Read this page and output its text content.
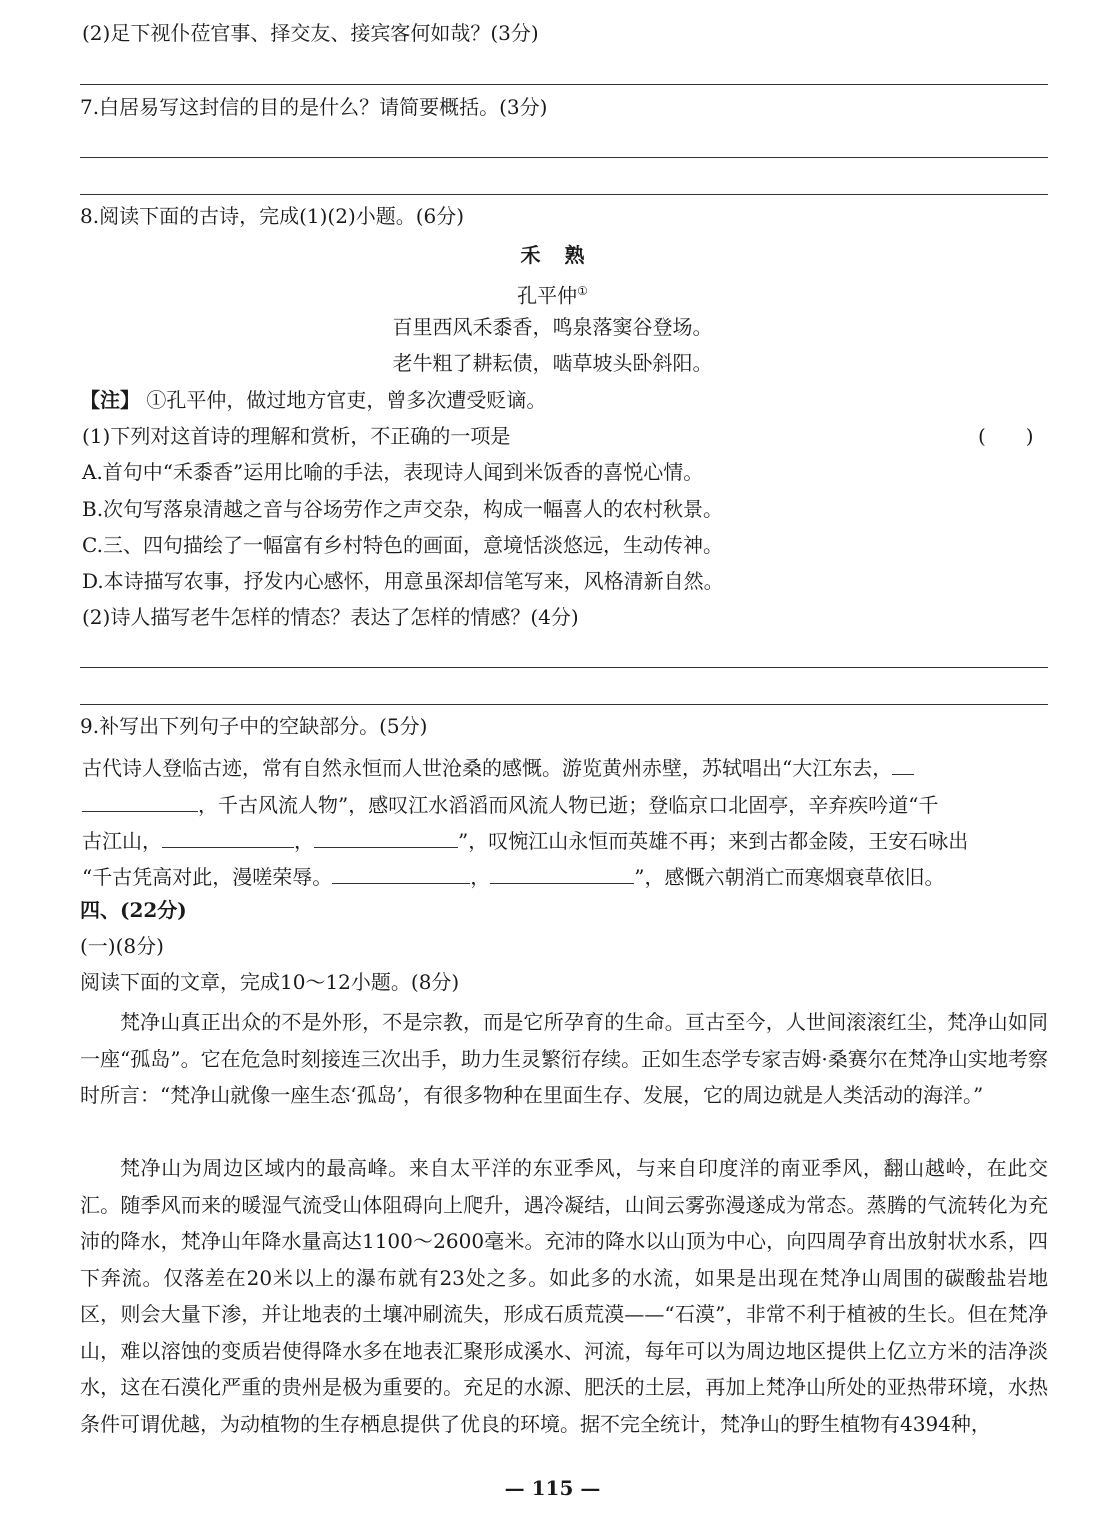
(2)足下视仆莅官事、择交友、接宾客何如哉？(3分)
7.白居易写这封信的目的是什么？请简要概括。(3分)
8.阅读下面的古诗，完成(1)(2)小题。(6分)
禾熟
孔平仲①
百里西风禾黍香，鸣泉落窦谷登场。
老牛粗了耕耘债，啮草坡头卧斜阳。
【注】 ①孔平仲，做过地方官吏，曾多次遭受贬谪。
(1)下列对这首诗的理解和赏析，不正确的一项是	(　　)
A.首句中“禾黍香”运用比喻的手法，表现诗人闻到米饭香的喜悦心情。
B.次句写落泉清越之音与谷场劳作之声交杂，构成一幅喜人的农村秋景。
C.三、四句描绘了一幅富有乡村特色的画面，意境恬淡悠远，生动传神。
D.本诗描写农事，抒发内心感怀，用意虽深却信笔写来，风格清新自然。
(2)诗人描写老牛怎样的情态？表达了怎样的情感？(4分)
9.补写出下列句子中的空缺部分。(5分)
古代诗人登临古迹，常有自然永恒而人世沧桑的感慨。游览黄州赤壁，苏轼唱出“大江东去，
，千古风流人物”，感叹江水滔滔而风流人物已逝；登临京口北固亭，辛弃疾吟道“千
古江山，	，	”，叹惋江山永恒而英雄不再；来到古都金陵，王安石咏出
“千古凭高对此，漫嗟荣辱。	，	”，感慨六朝消亡而寒烟衰草依旧。
四、(22分)
(一)(8分)
阅读下面的文章，完成10～12小题。(8分)
梵净山真正出众的不是外形，不是宗教，而是它所孕育的生命。亘古至今，人世间滚滚红尘，梵净山如同一座“孤岛”。它在危急时刻接连三次出手，助力生灵繁衍存续。正如生态学专家吉姆·桑赛尔在梵净山实地考察时所言：“梵净山就像一座生态‘孤岛’，有很多物种在里面生存、发展，它的周边就是人类活动的海洋。”
梵净山为周边区域内的最高峰。来自太平洋的东亚季风，与来自印度洋的南亚季风，翻山越岭，在此交汇。随季风而来的暖湿气流受山体阻碍向上爬升，遇冷凝结，山间云雾弥漫遂成为常态。蒸腾的气流转化为充沛的降水，梵净山年降水量高达1100～2600毫米。充沛的降水以山顶为中心，向四周孕育出放射状水系，四下奔流。仅落差在20米以上的瀑布就有23处之多。如此多的水流，如果是出现在梵净山周围的碳酸盐岩地区，则会大量下渗，并让地表的土壤冲刷流失，形成石质荒漠——“石漠”，非常不利于植被的生长。但在梵净山，难以溶蚀的变质岩使得降水多在地表汇聚形成溪水、河流，每年可以为周边地区提供上亿立方米的洁净淡水，这在石漠化严重的贵州是极为重要的。充足的水源、肥沃的土层，再加上梵净山所处的亚热带环境，水热条件可谓优越，为动植物的生存栖息提供了优良的环境。据不完全统计，梵净山的野生植物有4394种，
— 115 —
